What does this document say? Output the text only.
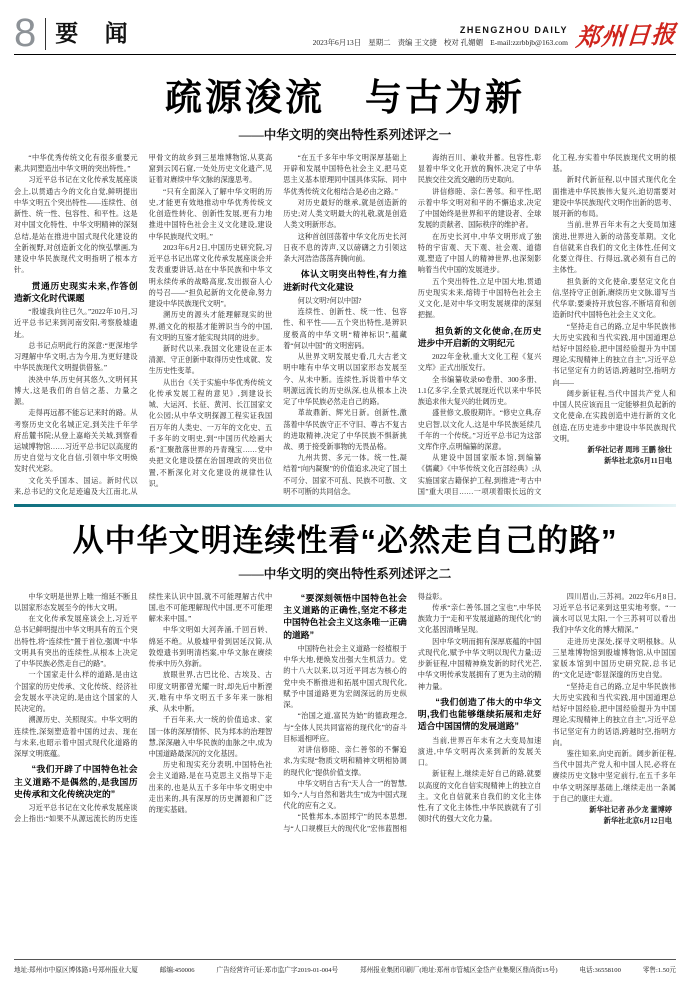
8 要 闻	ZHENGZHOU DAILY
2023年6月13日 星期二 责编 王文捷 校对 孔媚媚 E-mail:zzrbbjb@163.com 郑州日报
疏源浚流　与古为新
——中华文明的突出特性系列述评之一

“中华优秀传统文化有很多重要元素,共同塑造出中华文明的突出特性。”

习近平总书记在文化传承发展座谈会上,以贯通古今的文化自觉,鲜明提出中华文明五个突出特性——连续性、创新性、统一性、包容性、和平性。这是对中国文化特性、中华文明精神的深刻总结,是站在推进中国式现代化建设的全新视野,对创造新文化的恢弘擘画,为建设中华民族现代文明指明了根本方针。

贯通历史现实未来,作答创造新文化时代课题

“殷墟我向往已久。”2022年10月,习近平总书记来到河南安阳,考察殷墟遗址。

总书记点明此行的深意:“更深地学习理解中华文明,古为今用,为更好建设中华民族现代文明提供借鉴。”

泱泱中华,历史何其悠久,文明何其博大,这是我们的自信之基、力量之源。

走得再远都不能忘记来时的路。从考察历史文化名城正定,到关注千年学府岳麓书院;从登上嘉峪关关城,到察看运城博物馆……习近平总书记以高度的历史自觉与文化自信,引领中华文明焕发时代光彩。

文化关乎国本、国运。新时代以来,总书记的文化足迹遍及大江南北,从甲骨文的故乡到三星堆博物馆,从莫高窟到云冈石窟,一处处历史文化遗产,见证着对赓续中华文脉的深邃思考。

“只有全面深入了解中华文明的历史,才能更有效地推动中华优秀传统文化创造性转化、创新性发展,更有力地推进中国特色社会主义文化建设,建设中华民族现代文明。”

2023年6月2日,中国历史研究院,习近平总书记出席文化传承发展座谈会并发表重要讲话,站在中华民族和中华文明永续传承的战略高度,发出振奋人心的号召——“担负起新的文化使命,努力建设中华民族现代文明”。

溯历史的源头才能理解现实的世界,循文化的根基才能辨识当今的中国,有文明的互鉴才能实现共同的进步。

新时代以来,我国文化建设在正本清源、守正创新中取得历史性成就、发生历史性变革。

从出台《关于实施中华优秀传统文化传承发展工程的意见》,到建设长城、大运河、长征、黄河、长江国家文化公园;从中华文明探源工程实证我国百万年的人类史、一万年的文化史、五千多年的文明史,到“中国历代绘画大系”汇聚散落世界的丹青瑰宝……党中央把文化建设摆在治国理政的突出位置,不断深化对文化建设的规律性认识。

“在五千多年中华文明深厚基础上开辟和发展中国特色社会主义,把马克思主义基本原理同中国具体实际、同中华优秀传统文化相结合是必由之路。”

对历史最好的继承,就是创造新的历史;对人类文明最大的礼敬,就是创造人类文明新形态。

这种首创回荡着中华文化历史长河日夜不息的涛声,又以磅礴之力引领这条大河浩浩荡荡奔腾向前。

体认文明突出特性,有力推进新时代文化建设

何以文明?何以中国?

连续性、创新性、统一性、包容性、和平性——五个突出特性,是辨识度极高的中华文明“精神标识”,蕴藏着“何以中国”的文明密码。

从世界文明发展史看,几大古老文明中唯有中华文明以国家形态发展至今、从未中断。连续性,诉说着中华文明源远流长的历史纵深,也从根本上决定了中华民族必然走自己的路。

革故鼎新、辉光日新。创新性,激荡着中华民族守正不守旧、尊古不复古的进取精神,决定了中华民族不惧新挑战、勇于接受新事物的无畏品格。

九州共贯、多元一体。统一性,凝结着“向内凝聚”的价值追求,决定了国土不可分、国家不可乱、民族不可散、文明不可断的共同信念。

海纳百川、兼收并蓄。包容性,彰显着中华文化开放的胸怀,决定了中华民族交往交流交融的历史取向。

讲信修睦、亲仁善邻。和平性,昭示着中华文明对和平的不懈追求,决定了中国始终是世界和平的建设者、全球发展的贡献者、国际秩序的维护者。

在历史长河中,中华文明形成了独特的宇宙观、天下观、社会观、道德观,塑造了中国人的精神世界,也深刻影响着当代中国的发展进步。

五个突出特性,立足中国大地,贯通历史现实未来,熔铸于中国特色社会主义文化,是对中华文明发展规律的深刻把握。

担负新的文化使命,在历史进步中开启新的文明纪元

2022年金秋,重大文化工程《复兴文库》正式出版发行。

全书编纂收录60卷册、300多册、1.1亿多字,全景式展现近代以来中华民族追求伟大复兴的壮阔历史。

盛世修文,殷殷期许。“修史立典,存史启智,以文化人,这是中华民族延续几千年的一个传统。”习近平总书记为这部文库作序,点明编纂的深意。

从建设中国国家版本馆,到编纂《儒藏》《中华传统文化百部经典》;从实施国家古籍保护工程,到推进“考古中国”重大项目……一项项着眼长远的文化工程,夯实着中华民族现代文明的根基。

新时代新征程,以中国式现代化全面推进中华民族伟大复兴,迫切需要对建设中华民族现代文明作出新的思考、展开新的布局。

当前,世界百年未有之大变局加速演进,世界进入新的动荡变革期。文化自信就来自我们的文化主体性,任何文化要立得住、行得远,就必须有自己的主体性。

担负新的文化使命,要坚定文化自信,坚持守正创新,赓续历史文脉,谱写当代华章;要秉持开放包容,不断培育和创造新时代中国特色社会主义文化。

“坚持走自己的路,立足中华民族伟大历史实践和当代实践,用中国道理总结好中国经验,把中国经验提升为中国理论,实现精神上的独立自主”,习近平总书记坚定有力的话语,跨越时空,指明方向——

阔步新征程,当代中国共产党人和中国人民应该而且一定能够担负起新的文化使命,在实践创造中进行新的文化创造,在历史进步中建设中华民族现代文明。

新华社记者 周玮 王鹏 徐壮

新华社北京6月11日电

从中华文明连续性看“必然走自己的路”
——中华文明的突出特性系列述评之二

中华文明是世界上唯一绵延不断且以国家形态发展至今的伟大文明。

在文化传承发展座谈会上,习近平总书记鲜明提出中华文明具有的五个突出特性,将“连续性”置于首位,强调“中华文明具有突出的连续性,从根本上决定了中华民族必然走自己的路”。

一个国家走什么样的道路,是由这个国家的历史传承、文化传统、经济社会发展水平决定的,是由这个国家的人民决定的。

溯源历史、关照现实。中华文明的连续性,深刻塑造着中国的过去、现在与未来,也昭示着中国式现代化道路的深厚文明底蕴。

“我们开辟了中国特色社会主义道路不是偶然的,是我国历史传承和文化传统决定的”

习近平总书记在文化传承发展座谈会上指出:“如果不从源远流长的历史连续性来认识中国,就不可能理解古代中国,也不可能理解现代中国,更不可能理解未来中国。”

中华文明如大河奔涌,千回百转、绵延不绝。从殷墟甲骨到居延汉简,从敦煌遗书到明清档案,中华文脉在赓续传承中历久弥新。

放眼世界,古巴比伦、古埃及、古印度文明都曾光耀一时,却先后中断湮灭,唯有中华文明五千多年来一脉相承、从未中断。

千百年来,大一统的价值追求、家国一体的深厚情怀、民为邦本的治理智慧,深深融入中华民族的血脉之中,成为中国道路最深沉的文化基因。

历史和现实充分表明,中国特色社会主义道路,是在马克思主义指导下走出来的,也是从五千多年中华文明史中走出来的,具有深厚的历史渊源和广泛的现实基础。

“要深刻领悟中国特色社会主义道路的正确性,坚定不移走中国特色社会主义这条唯一正确的道路”

中国特色社会主义道路一经植根于中华大地,便焕发出强大生机活力。党的十八大以来,以习近平同志为核心的党中央不断推进和拓展中国式现代化,赋予中国道路更为宏阔深远的历史纵深。

“治国之道,富民为始”的德政理念,与“全体人民共同富裕的现代化”的奋斗目标遥相呼应。

对讲信修睦、亲仁善邻的不懈追求,为实现“物质文明和精神文明相协调的现代化”提供价值支撑。

中华文明自古有“天人合一”的智慧,如今,“人与自然和谐共生”成为中国式现代化的应有之义。

“民惟邦本,本固邦宁”的民本思想,与“人口规模巨大的现代化”宏伟蓝图相得益彰。

传承“亲仁善邻,国之宝也”,中华民族致力于“走和平发展道路的现代化”的文化基因清晰呈现。

因中华文明而拥有深厚底蕴的中国式现代化,赋予中华文明以现代力量;迈步新征程,中国精神焕发新的时代光芒,中华文明传承发展拥有了更为主动的精神力量。

“我们创造了伟大的中华文明,我们也能够继续拓展和走好适合中国国情的发展道路”

当前,世界百年未有之大变局加速演进,中华文明再次来到新的发展关口。

新征程上,继续走好自己的路,就要以高度的文化自信实现精神上的独立自主。文化自信就来自我们的文化主体性,有了文化主体性,中华民族就有了引领时代的强大文化力量。

四川眉山,三苏祠。2022年6月8日,习近平总书记来到这里实地考察。“一滴水可以见太阳,一个三苏祠可以看出我们中华文化的博大精深。”

走进历史深处,探寻文明根脉。从三星堆博物馆到殷墟博物馆,从中国国家版本馆到中国历史研究院,总书记的“文化足迹”彰显深邃的历史自觉。

“坚持走自己的路,立足中华民族伟大历史实践和当代实践,用中国道理总结好中国经验,把中国经验提升为中国理论,实现精神上的独立自主”,习近平总书记坚定有力的话语,跨越时空,指明方向。

鉴往知来,向史而新。阔步新征程,当代中国共产党人和中国人民,必将在赓续历史文脉中坚定前行,在五千多年中华文明深厚基础上,继续走出一条属于自己的康庄大道。

新华社记者 孙少龙 董博婷

新华社北京6月12日电

地址:郑州市中原区博体路1号郑州报业大厦	邮编:450006	广告经营许可证:郑市监广字2019-01-004号	郑州报业集团印刷厂(地址:郑州市管城区金岱产业集聚区鼎尚街15号)	电话:36558100	零售:1.50元
